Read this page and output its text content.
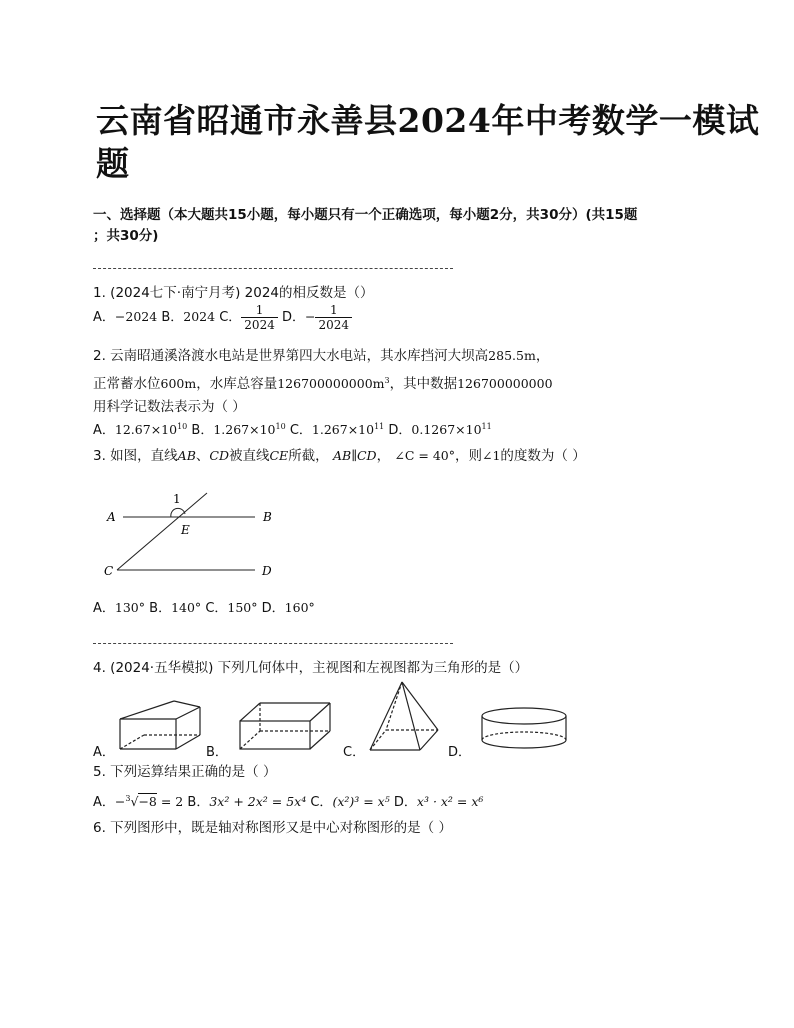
云南省昭通市永善县2024年中考数学一模试
题
一、选择题（本大题共15小题，每小题只有一个正确选项，每小题2分，共30分）(共15题
；共30分)
1. (2024七下·南宁月考) 2024的相反数是（）
A．−2024 B．2024 C． $\frac{1}{2024}$ D．− $\frac{1}{2024}$
2. 云南昭通溪洛渡水电站是世界第四大水电站，其水库挡河大坝高285.5m，
正常蓄水位600m，水库总容量$126700000000m^3$，其中数据126700000000
用科学记数法表示为（ ）
A．$12.67\times 10^{10}$ B．$1.267\times 10^{10}$ C．$1.267\times 10^{11}$ D．$0.1267\times 10^{11}$
3. 如图，直线AB、CD被直线CE所截， AB∥CD， ∠C = 40°，则∠1的度数为（ ）
A	B
C	D
E
1
A．130° B．140° C．150° D．160°
4. (2024·五华模拟) 下列几何体中，主视图和左视图都为三角形的是（）
A．	B．	C．	D．
5. 下列运算结果正确的是（ ）
A．−$^3$√−8 = 2 B．3x² + 2x² = 5x⁴ C．(x²)³ = x⁵ D．x³ · x² = x⁶
6. 下列图形中，既是轴对称图形又是中心对称图形的是（ ）
